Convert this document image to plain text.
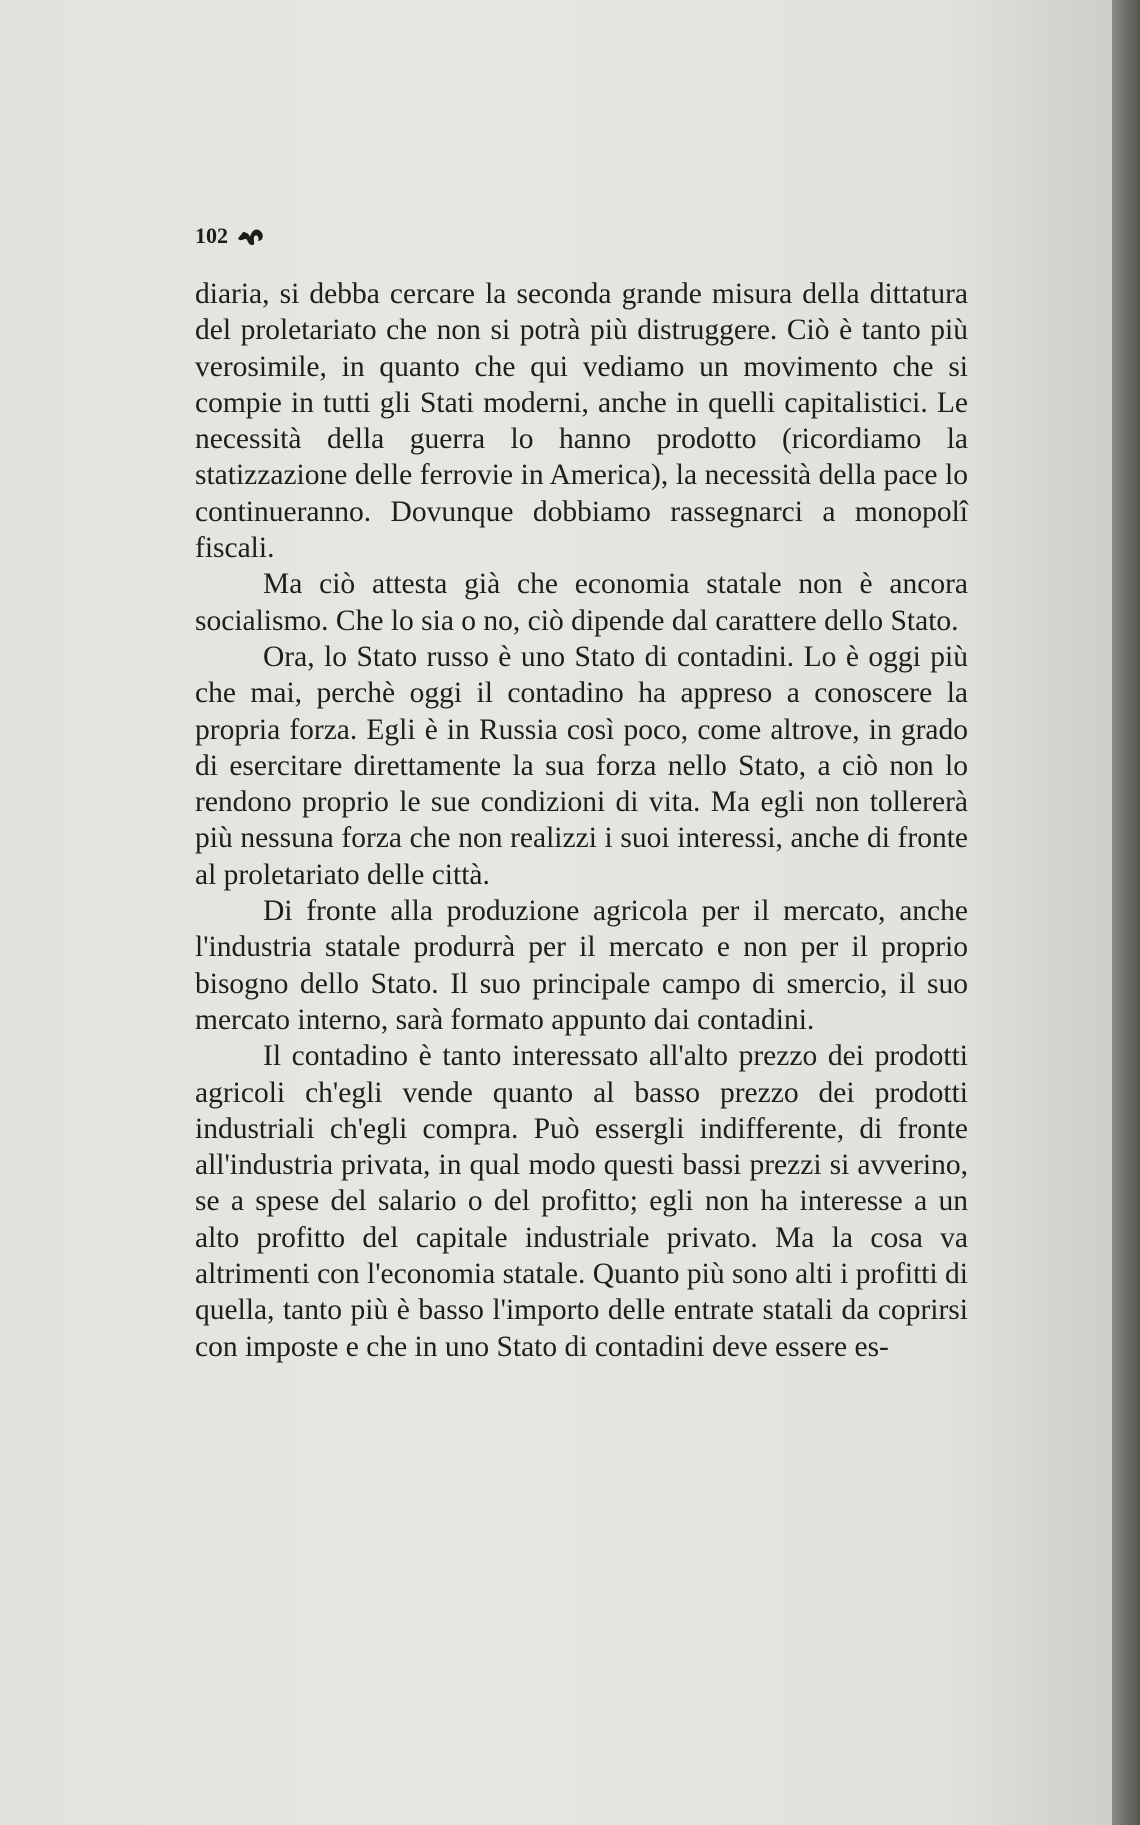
102

diaria, si debba cercare la seconda grande misura della dittatura del proletariato che non si potrà più distruggere. Ciò è tanto più verosimile, in quanto che qui vediamo un movimento che si compie in tutti gli Stati moderni, anche in quelli capitalistici. Le necessità della guerra lo hanno prodotto (ricordiamo la statizzazione delle ferrovie in America), la necessità della pace lo continueranno. Dovunque dobbiamo rassegnarci a monopolî fiscali.

Ma ciò attesta già che economia statale non è ancora socialismo. Che lo sia o no, ciò dipende dal carattere dello Stato.

Ora, lo Stato russo è uno Stato di contadini. Lo è oggi più che mai, perchè oggi il contadino ha appreso a conoscere la propria forza. Egli è in Russia così poco, come altrove, in grado di esercitare direttamente la sua forza nello Stato, a ciò non lo rendono proprio le sue condizioni di vita. Ma egli non tollererà più nessuna forza che non realizzi i suoi interessi, anche di fronte al proletariato delle città.

Di fronte alla produzione agricola per il mercato, anche l'industria statale produrrà per il mercato e non per il proprio bisogno dello Stato. Il suo principale campo di smercio, il suo mercato interno, sarà formato appunto dai contadini.

Il contadino è tanto interessato all'alto prezzo dei prodotti agricoli ch'egli vende quanto al basso prezzo dei prodotti industriali ch'egli compra. Può essergli indifferente, di fronte all'industria privata, in qual modo questi bassi prezzi si avverino, se a spese del salario o del profitto; egli non ha interesse a un alto profitto del capitale industriale privato. Ma la cosa va altrimenti con l'economia statale. Quanto più sono alti i profitti di quella, tanto più è basso l'importo delle entrate statali da coprirsi con imposte e che in uno Stato di contadini deve essere es-
